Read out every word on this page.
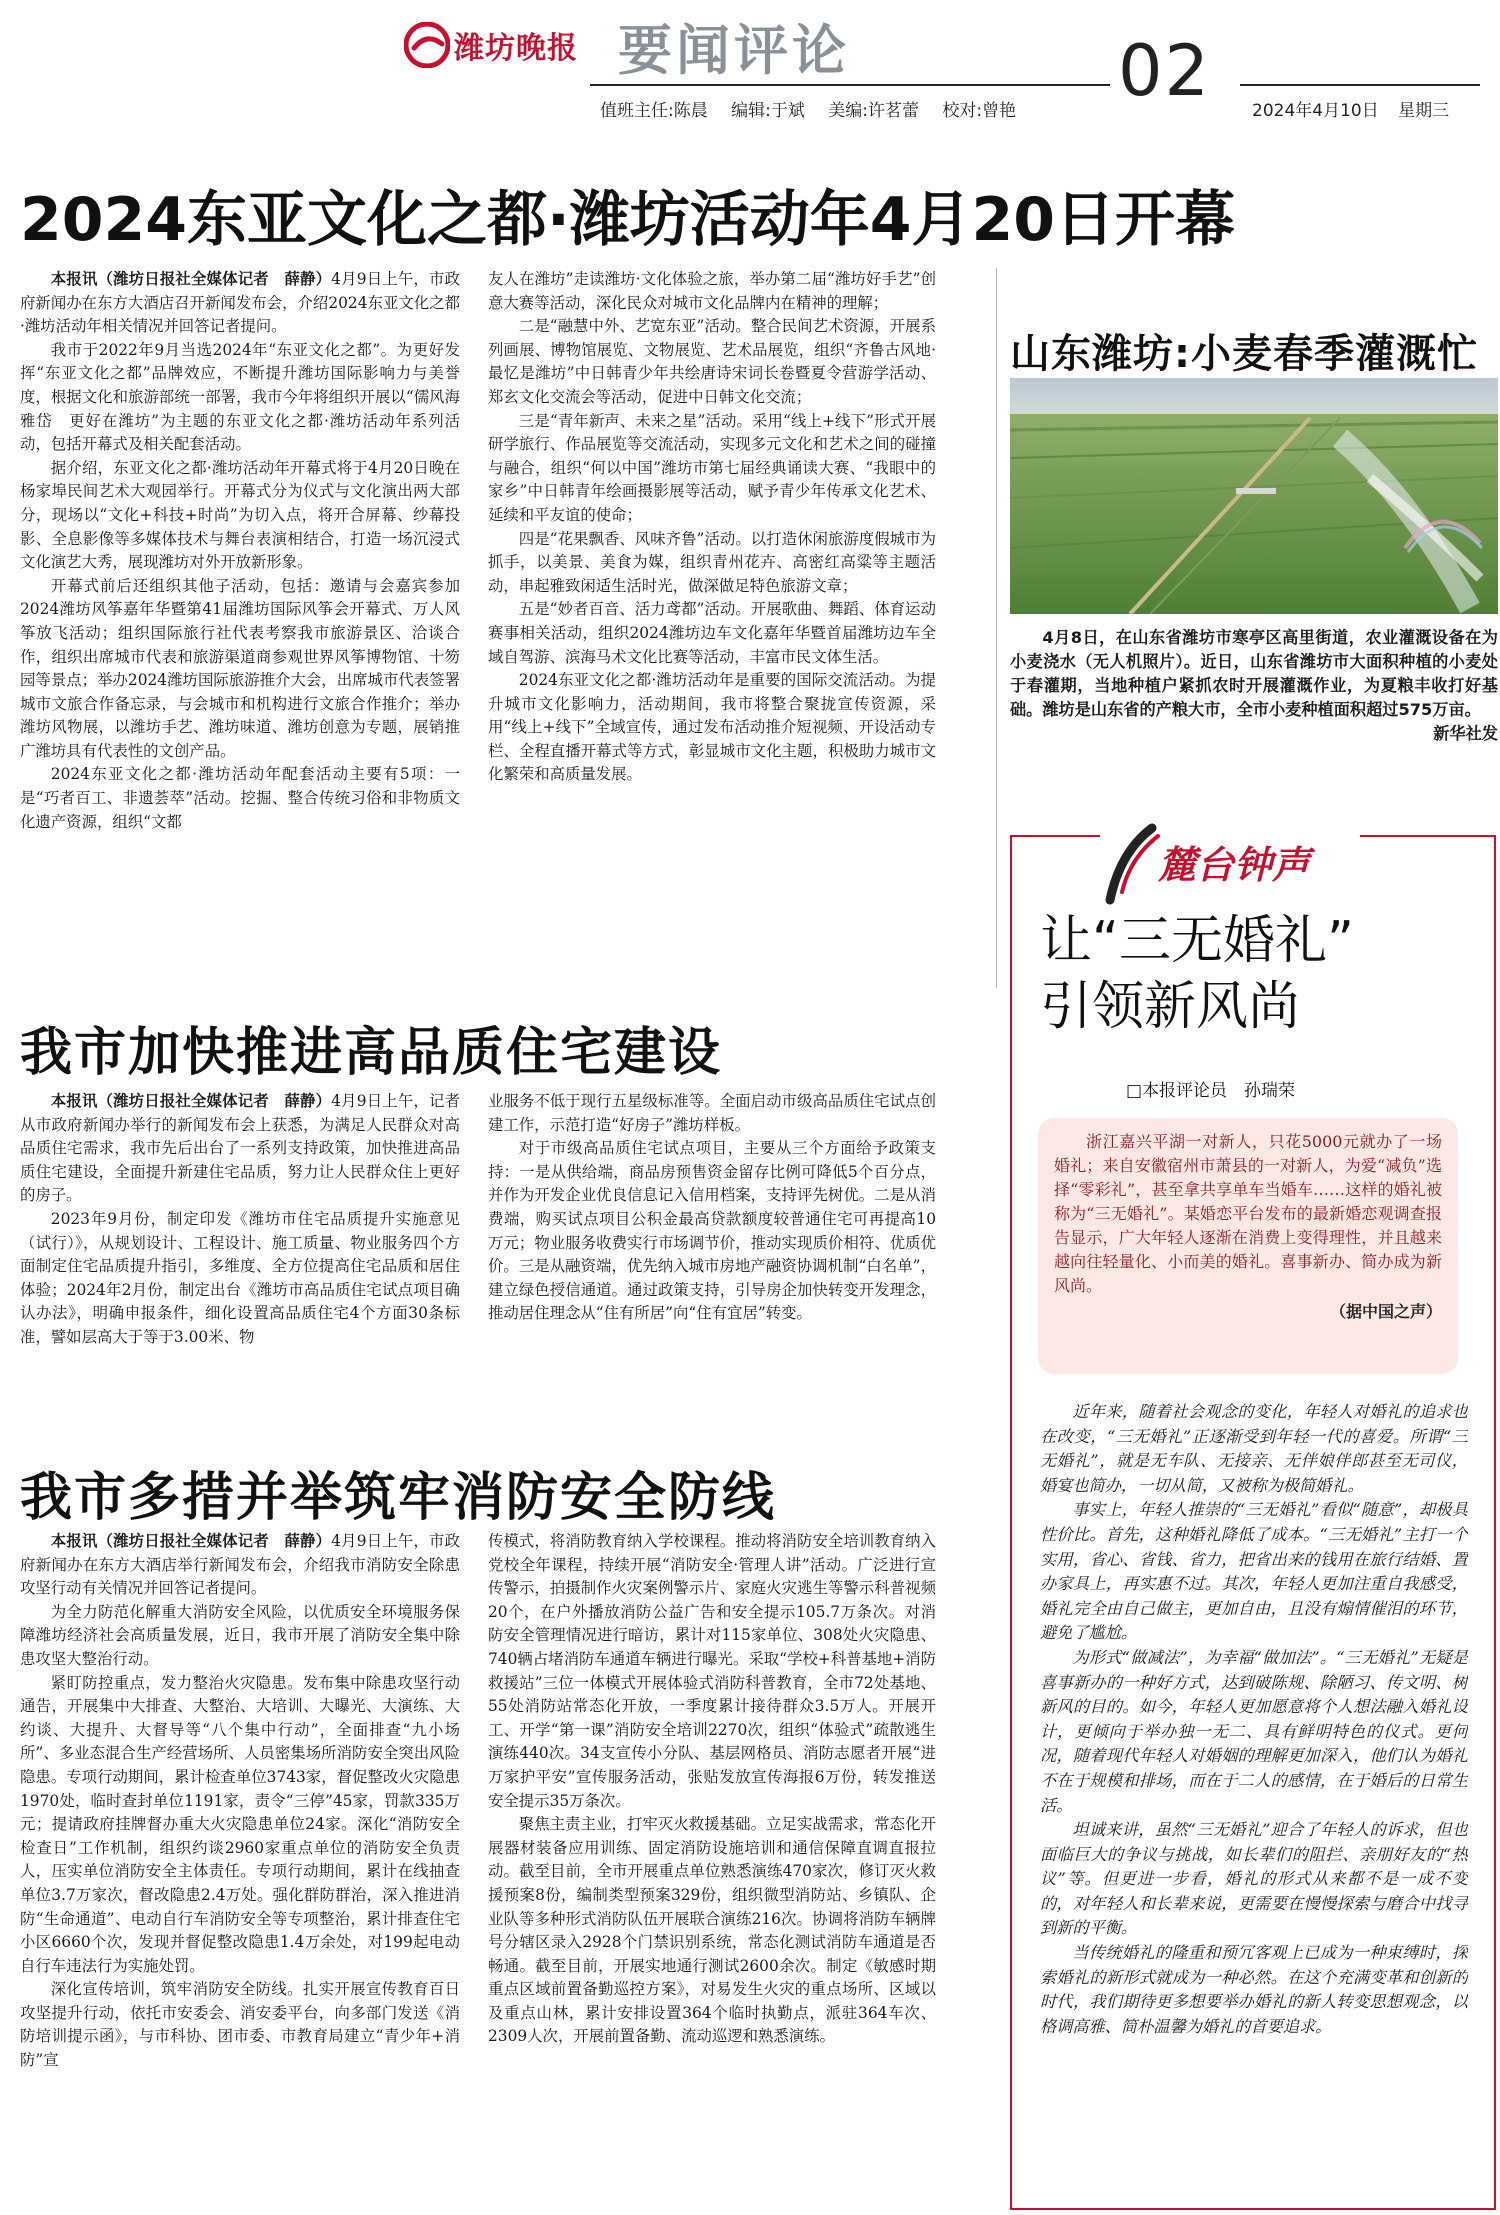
潍坊晚报 要闻评论	02
值班主任:陈晨 编辑:于斌 美编:许茗蕾 校对:曾艳	2024年4月10日 星期三
2024东亚文化之都·潍坊活动年4月20日开幕

本报讯（潍坊日报社全媒体记者　薛静）4月9日上午，市政府新闻办在东方大酒店召开新闻发布会，介绍2024东亚文化之都·潍坊活动年相关情况并回答记者提问。

我市于2022年9月当选2024年“东亚文化之都”。为更好发挥“东亚文化之都”品牌效应，不断提升潍坊国际影响力与美誉度，根据文化和旅游部统一部署，我市今年将组织开展以“儒风海雅岱　更好在潍坊”为主题的东亚文化之都·潍坊活动年系列活动，包括开幕式及相关配套活动。

据介绍，东亚文化之都·潍坊活动年开幕式将于4月20日晚在杨家埠民间艺术大观园举行。开幕式分为仪式与文化演出两大部分，现场以“文化+科技+时尚”为切入点，将开合屏幕、纱幕投影、全息影像等多媒体技术与舞台表演相结合，打造一场沉浸式文化演艺大秀，展现潍坊对外开放新形象。

开幕式前后还组织其他子活动，包括：邀请与会嘉宾参加2024潍坊风筝嘉年华暨第41届潍坊国际风筝会开幕式、万人风筝放飞活动；组织国际旅行社代表考察我市旅游景区、洽谈合作，组织出席城市代表和旅游渠道商参观世界风筝博物馆、十笏园等景点；举办2024潍坊国际旅游推介大会，出席城市代表签署城市文旅合作备忘录，与会城市和机构进行文旅合作推介；举办潍坊风物展，以潍坊手艺、潍坊味道、潍坊创意为专题，展销推广潍坊具有代表性的文创产品。

2024东亚文化之都·潍坊活动年配套活动主要有5项：一是“巧者百工、非遗荟萃”活动。挖掘、整合传统习俗和非物质文化遗产资源，组织“文都

友人在潍坊”走读潍坊·文化体验之旅，举办第二届“潍坊好手艺”创意大赛等活动，深化民众对城市文化品牌内在精神的理解；

二是“融慧中外、艺宽东亚”活动。整合民间艺术资源，开展系列画展、博物馆展览、文物展览、艺术品展览，组织“齐鲁古风地·最忆是潍坊”中日韩青少年共绘唐诗宋词长卷暨夏令营游学活动、郑玄文化交流会等活动，促进中日韩文化交流；

三是“青年新声、未来之星”活动。采用“线上+线下”形式开展研学旅行、作品展览等交流活动，实现多元文化和艺术之间的碰撞与融合，组织“何以中国”潍坊市第七届经典诵读大赛、“我眼中的家乡”中日韩青年绘画摄影展等活动，赋予青少年传承文化艺术、延续和平友谊的使命；

四是“花果飘香、风味齐鲁”活动。以打造休闲旅游度假城市为抓手，以美景、美食为媒，组织青州花卉、高密红高粱等主题活动，串起雅致闲适生活时光，做深做足特色旅游文章；

五是“妙者百音、活力鸢都”活动。开展歌曲、舞蹈、体育运动赛事相关活动，组织2024潍坊边车文化嘉年华暨首届潍坊边车全域自驾游、滨海马术文化比赛等活动，丰富市民文体生活。

2024东亚文化之都·潍坊活动年是重要的国际交流活动。为提升城市文化影响力，活动期间，我市将整合聚拢宣传资源，采用“线上+线下”全域宣传，通过发布活动推介短视频、开设活动专栏、全程直播开幕式等方式，彰显城市文化主题，积极助力城市文化繁荣和高质量发展。

我市加快推进高品质住宅建设

本报讯（潍坊日报社全媒体记者　薛静）4月9日上午，记者从市政府新闻办举行的新闻发布会上获悉，为满足人民群众对高品质住宅需求，我市先后出台了一系列支持政策，加快推进高品质住宅建设，全面提升新建住宅品质，努力让人民群众住上更好的房子。

2023年9月份，制定印发《潍坊市住宅品质提升实施意见（试行）》，从规划设计、工程设计、施工质量、物业服务四个方面制定住宅品质提升指引，多维度、全方位提高住宅品质和居住体验；2024年2月份，制定出台《潍坊市高品质住宅试点项目确认办法》，明确申报条件，细化设置高品质住宅4个方面30条标准，譬如层高大于等于3.00米、物

业服务不低于现行五星级标准等。全面启动市级高品质住宅试点创建工作，示范打造“好房子”潍坊样板。

对于市级高品质住宅试点项目，主要从三个方面给予政策支持：一是从供给端，商品房预售资金留存比例可降低5个百分点，并作为开发企业优良信息记入信用档案，支持评先树优。二是从消费端，购买试点项目公积金最高贷款额度较普通住宅可再提高10万元；物业服务收费实行市场调节价，推动实现质价相符、优质优价。三是从融资端，优先纳入城市房地产融资协调机制“白名单”，建立绿色授信通道。通过政策支持，引导房企加快转变开发理念，推动居住理念从“住有所居”向“住有宜居”转变。

我市多措并举筑牢消防安全防线

本报讯（潍坊日报社全媒体记者　薛静）4月9日上午，市政府新闻办在东方大酒店举行新闻发布会，介绍我市消防安全除患攻坚行动有关情况并回答记者提问。

为全力防范化解重大消防安全风险，以优质安全环境服务保障潍坊经济社会高质量发展，近日，我市开展了消防安全集中除患攻坚大整治行动。

紧盯防控重点，发力整治火灾隐患。发布集中除患攻坚行动通告，开展集中大排查、大整治、大培训、大曝光、大演练、大约谈、大提升、大督导等“八个集中行动”，全面排查“九小场所”、多业态混合生产经营场所、人员密集场所消防安全突出风险隐患。专项行动期间，累计检查单位3743家，督促整改火灾隐患1970处，临时查封单位1191家，责令“三停”45家，罚款335万元；提请政府挂牌督办重大火灾隐患单位24家。深化“消防安全检查日”工作机制，组织约谈2960家重点单位的消防安全负责人，压实单位消防安全主体责任。专项行动期间，累计在线抽查单位3.7万家次，督改隐患2.4万处。强化群防群治，深入推进消防“生命通道”、电动自行车消防安全等专项整治，累计排查住宅小区6660个次，发现并督促整改隐患1.4万余处，对199起电动自行车违法行为实施处罚。

深化宣传培训，筑牢消防安全防线。扎实开展宣传教育百日攻坚提升行动，依托市安委会、消安委平台，向多部门发送《消防培训提示函》，与市科协、团市委、市教育局建立“青少年+消防”宣

传模式，将消防教育纳入学校课程。推动将消防安全培训教育纳入党校全年课程，持续开展“消防安全·管理人讲”活动。广泛进行宣传警示，拍摄制作火灾案例警示片、家庭火灾逃生等警示科普视频20个，在户外播放消防公益广告和安全提示105.7万条次。对消防安全管理情况进行暗访，累计对115家单位、308处火灾隐患、740辆占堵消防车通道车辆进行曝光。采取“学校+科普基地+消防救援站”三位一体模式开展体验式消防科普教育，全市72处基地、55处消防站常态化开放，一季度累计接待群众3.5万人。开展开工、开学“第一课”消防安全培训2270次，组织“体验式”疏散逃生演练440次。34支宣传小分队、基层网格员、消防志愿者开展“进万家护平安”宣传服务活动，张贴发放宣传海报6万份，转发推送安全提示35万条次。

聚焦主责主业，打牢灭火救援基础。立足实战需求，常态化开展器材装备应用训练、固定消防设施培训和通信保障直调直报拉动。截至目前，全市开展重点单位熟悉演练470家次，修订灭火救援预案8份，编制类型预案329份，组织微型消防站、乡镇队、企业队等多种形式消防队伍开展联合演练216次。协调将消防车辆牌号分辖区录入2928个门禁识别系统，常态化测试消防车通道是否畅通。截至目前，开展实地通行测试2600余次。制定《敏感时期重点区域前置备勤巡控方案》，对易发生火灾的重点场所、区域以及重点山林，累计安排设置364个临时执勤点，派驻364车次、2309人次，开展前置备勤、流动巡逻和熟悉演练。

山东潍坊:小麦春季灌溉忙
4月8日，在山东省潍坊市寒亭区高里街道，农业灌溉设备在为小麦浇水（无人机照片）。近日，山东省潍坊市大面积种植的小麦处于春灌期，当地种植户紧抓农时开展灌溉作业，为夏粮丰收打好基础。潍坊是山东省的产粮大市，全市小麦种植面积超过575万亩。
新华社发
麓台钟声
让“三无婚礼”
引领新风尚
□本报评论员　孙瑞荣

浙江嘉兴平湖一对新人，只花5000元就办了一场婚礼；来自安徽宿州市萧县的一对新人，为爱“减负”选择“零彩礼”，甚至拿共享单车当婚车……这样的婚礼被称为“三无婚礼”。某婚恋平台发布的最新婚恋观调查报告显示，广大年轻人逐渐在消费上变得理性，并且越来越向往轻量化、小而美的婚礼。喜事新办、简办成为新风尚。

（据中国之声）

近年来，随着社会观念的变化，年轻人对婚礼的追求也在改变，“三无婚礼”正逐渐受到年轻一代的喜爱。所谓“三无婚礼”，就是无车队、无接亲、无伴娘伴郎甚至无司仪，婚宴也简办，一切从简，又被称为极简婚礼。

事实上，年轻人推崇的“三无婚礼”看似“随意”，却极具性价比。首先，这种婚礼降低了成本。“三无婚礼”主打一个实用，省心、省钱、省力，把省出来的钱用在旅行结婚、置办家具上，再实惠不过。其次，年轻人更加注重自我感受，婚礼完全由自己做主，更加自由，且没有煽情催泪的环节，避免了尴尬。

为形式“做减法”，为幸福“做加法”。“三无婚礼”无疑是喜事新办的一种好方式，达到破陈规、除陋习、传文明、树新风的目的。如今，年轻人更加愿意将个人想法融入婚礼设计，更倾向于举办独一无二、具有鲜明特色的仪式。更何况，随着现代年轻人对婚姻的理解更加深入，他们认为婚礼不在于规模和排场，而在于二人的感情，在于婚后的日常生活。

坦诚来讲，虽然“三无婚礼”迎合了年轻人的诉求，但也面临巨大的争议与挑战，如长辈们的阻拦、亲朋好友的“热议”等。但更进一步看，婚礼的形式从来都不是一成不变的，对年轻人和长辈来说，更需要在慢慢探索与磨合中找寻到新的平衡。

当传统婚礼的隆重和预冗客观上已成为一种束缚时，探索婚礼的新形式就成为一种必然。在这个充满变革和创新的时代，我们期待更多想要举办婚礼的新人转变思想观念，以格调高雅、简朴温馨为婚礼的首要追求。
